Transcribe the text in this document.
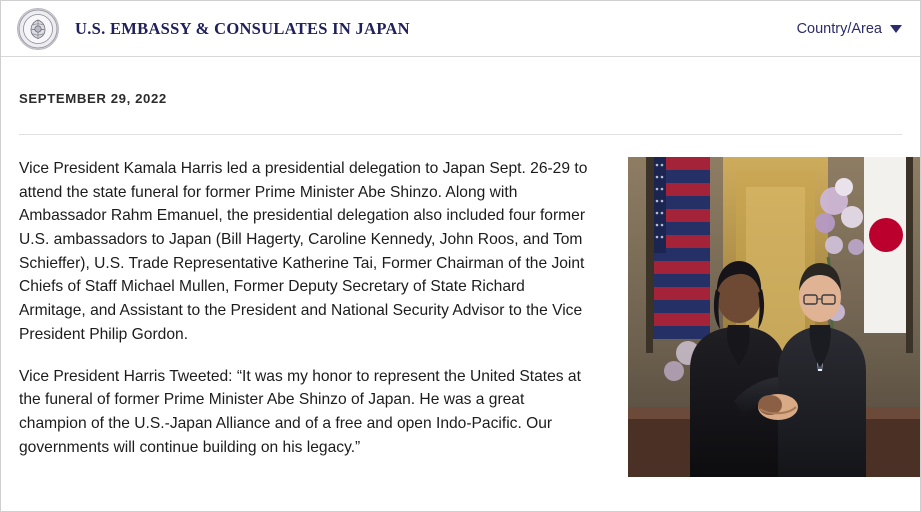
U.S. EMBASSY & CONSULATES IN JAPAN	Country/Area
SEPTEMBER 29, 2022

Vice President Kamala Harris led a presidential delegation to Japan Sept. 26-29 to attend the state funeral for former Prime Minister Abe Shinzo. Along with Ambassador Rahm Emanuel, the presidential delegation also included four former U.S. ambassadors to Japan (Bill Hagerty, Caroline Kennedy, John Roos, and Tom Schieffer), U.S. Trade Representative Katherine Tai, Former Chairman of the Joint Chiefs of Staff Michael Mullen, Former Deputy Secretary of State Richard Armitage, and Assistant to the President and National Security Advisor to the Vice President Philip Gordon.

Vice President Harris Tweeted: “It was my honor to represent the United States at the funeral of former Prime Minister Abe Shinzo of Japan. He was a great champion of the U.S.-Japan Alliance and of a free and open Indo-Pacific. Our governments will continue building on his legacy.”
